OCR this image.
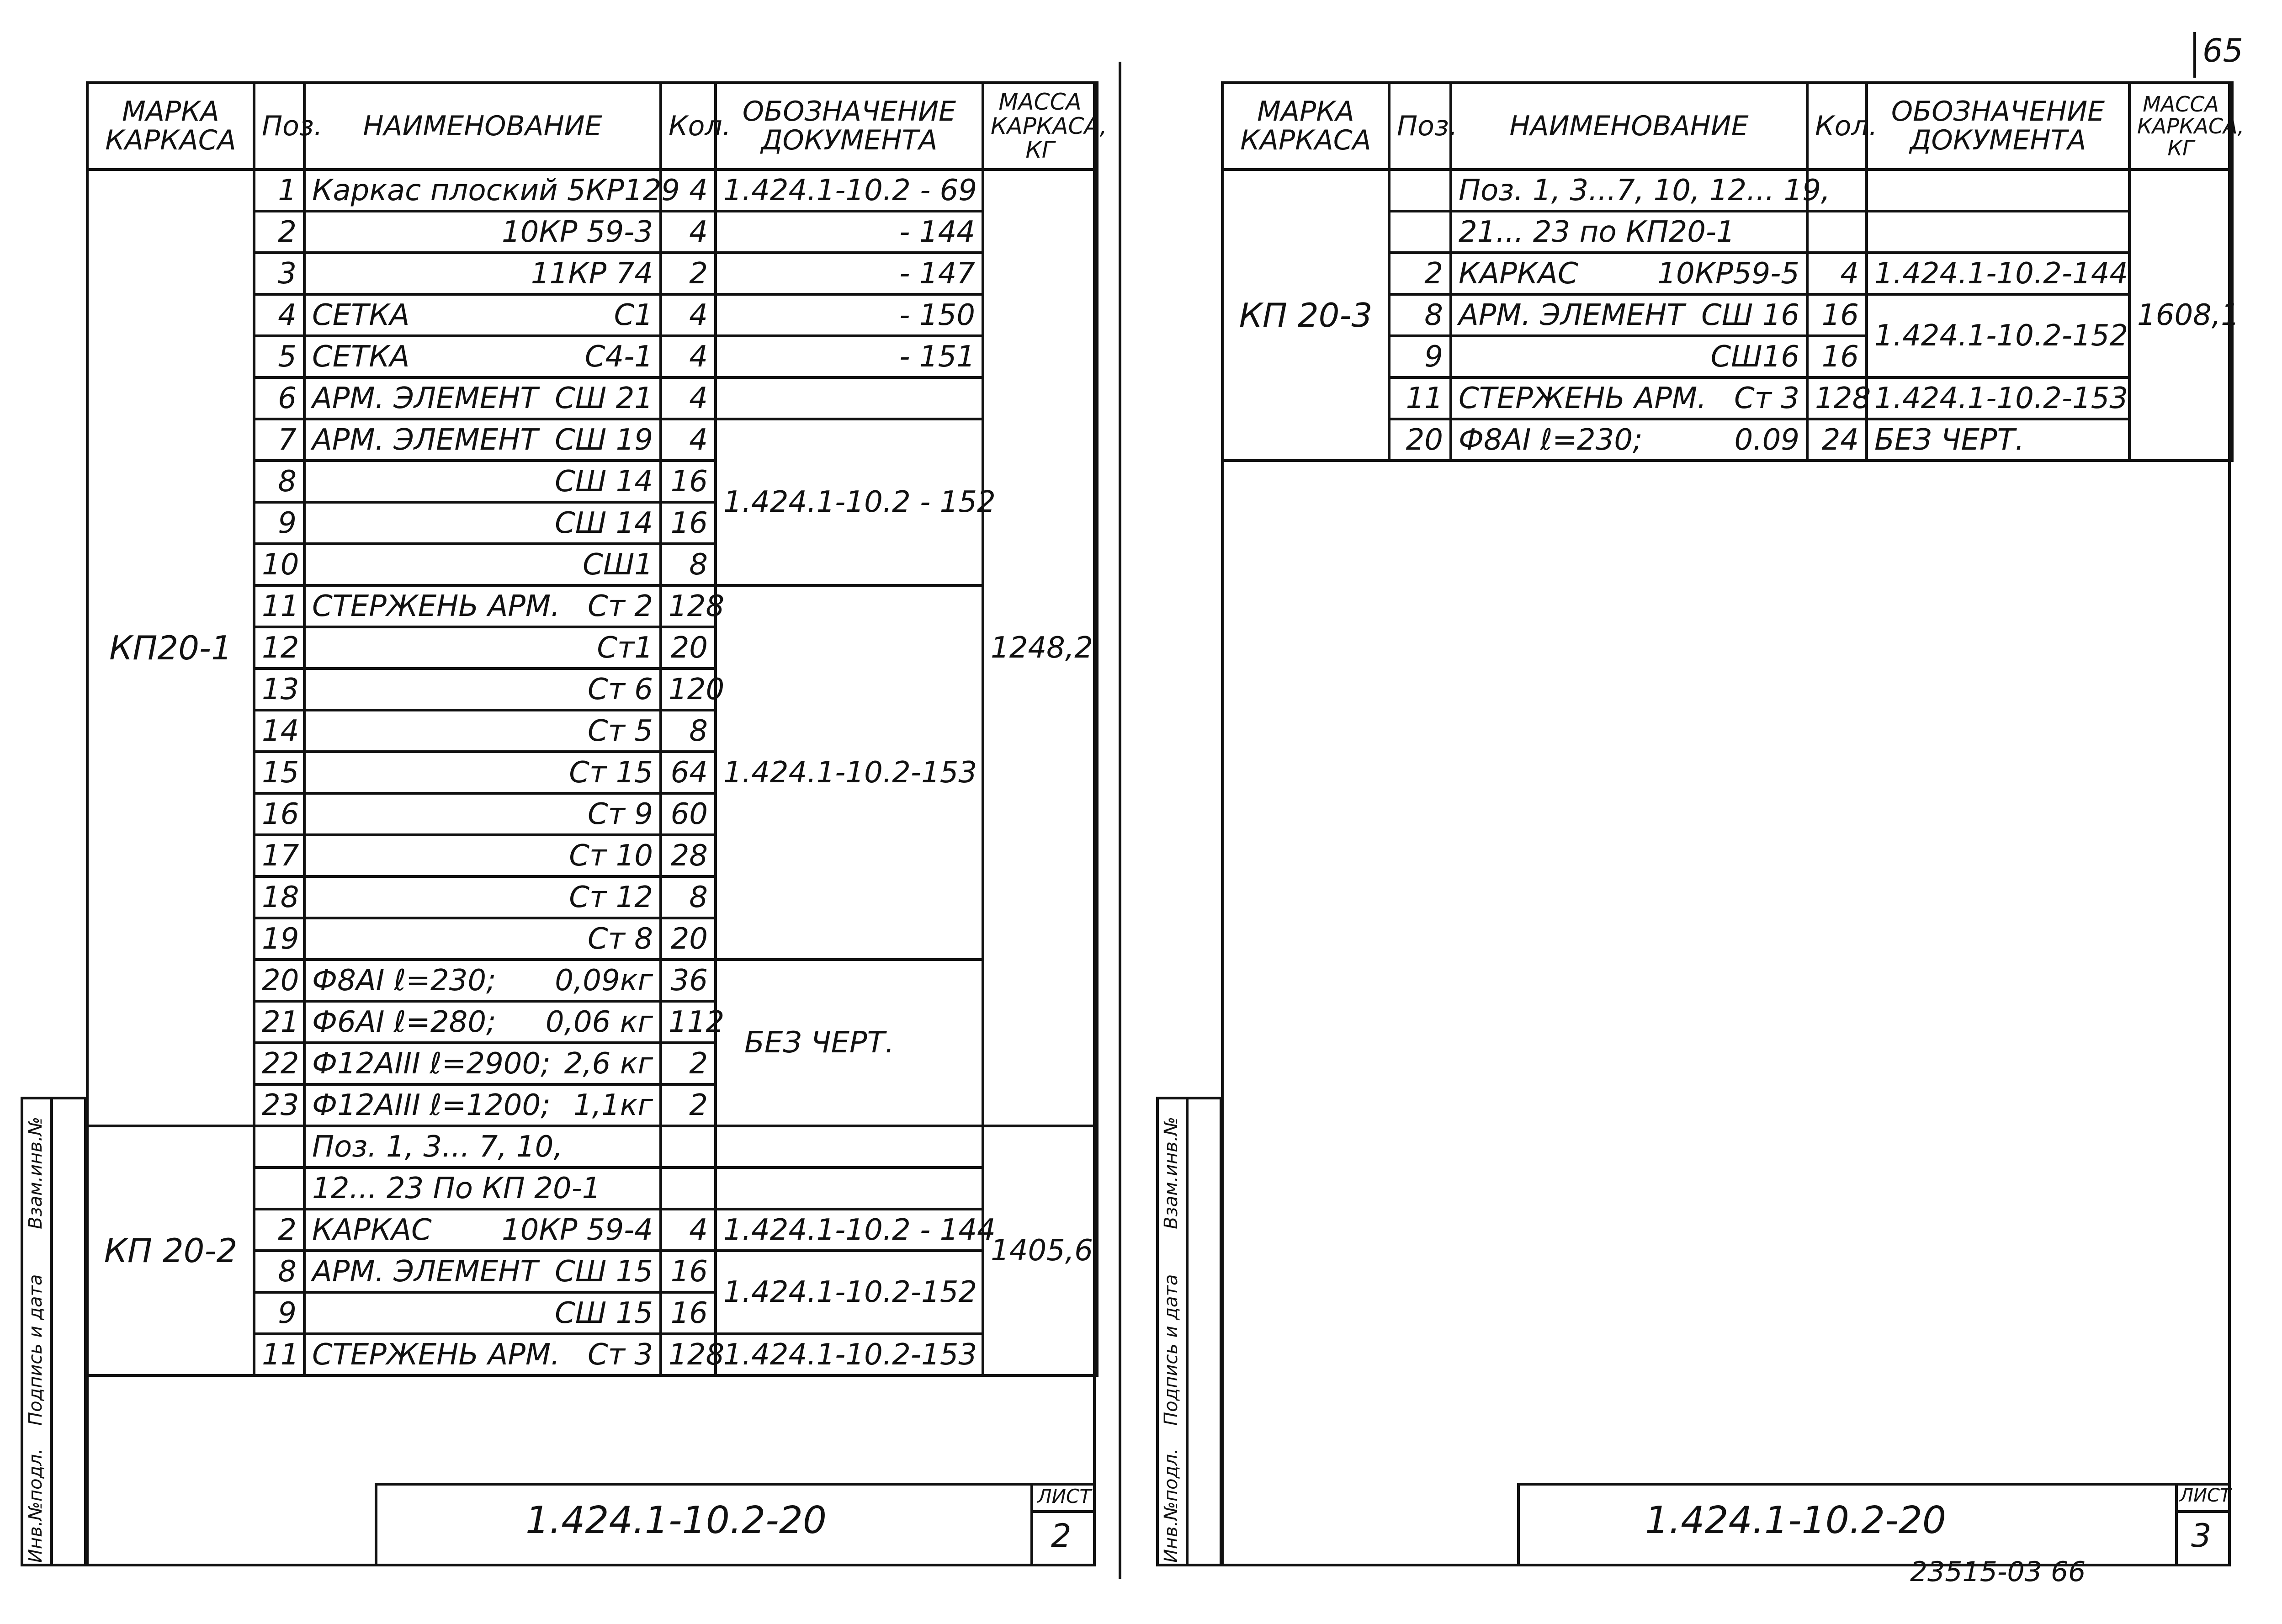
65
23515-03 66
МАРКА КАРКАСА	Поз.	НАИМЕНОВАНИЕ	Кол.	ОБОЗНАЧЕНИЕ ДОКУМЕНТА	МАССА КАРКАСА, КГ
КП20-1	1	Каркас плоский 5КР129	4	1.424.1-10.2 - 69	1248,2
	2	10КР 59-3	4	- 144	
	3	11КР 74	2	- 147	
	4	СЕТКА С1	4	- 150	
	5	СЕТКА С4-1	4	- 151	
	6	АРМ. ЭЛЕМЕНТ СШ 21	4		
	7	АРМ. ЭЛЕМЕНТ СШ 19	4	1.424.1-10.2 - 152	
	8	СШ 14	16		
	9	СШ 14	16		
	10	СШ1	8		
	11	СТЕРЖЕНЬ АРМ. Ст 2	128	1.424.1-10.2-153	
	12	Ст1	20		
	13	Ст 6	120		
	14	Ст 5	8		
	15	Ст 15	64		
	16	Ст 9	60		
	17	Ст 10	28		
	18	Ст 12	8		
	19	Ст 8	20		
	20	Ф8AI ℓ=230; 0,09кг	36	БЕЗ ЧЕРТ.	
	21	Ф6AI ℓ=280; 0,06 кг	112		
	22	Ф12AIII ℓ=2900; 2,6 кг	2		
	23	Ф12AIII ℓ=1200; 1,1кг	2		
КП 20-2		Поз. 1, 3... 7, 10,			1405,6
		12... 23 По КП 20-1			
	2	КАРКАС 10КР 59-4	4	1.424.1-10.2 - 144	
	8	АРМ. ЭЛЕМЕНТ СШ 15	16	1.424.1-10.2-152	
	9	СШ 15	16		
	11	СТЕРЖЕНЬ АРМ. Ст 3	128	1.424.1-10.2-153	
1.424.1-10.2-20
ЛИСТ
2
Инв.№подл.
Подпись и дата
Взам.инв.№
МАРКА КАРКАСА	Поз.	НАИМЕНОВАНИЕ	Кол.	ОБОЗНАЧЕНИЕ ДОКУМЕНТА	МАССА КАРКАСА, КГ
КП 20-3		Поз. 1, 3...7, 10, 12... 19,			1608,1
		21... 23 по КП20-1			
	2	КАРКАС 10КР59-5	4	1.424.1-10.2-144	
	8	АРМ. ЭЛЕМЕНТ СШ 16	16	1.424.1-10.2-152	
	9	СШ16	16		
	11	СТЕРЖЕНЬ АРМ. Ст 3	128	1.424.1-10.2-153	
	20	Ф8AI ℓ=230; 0.09	24	БЕЗ ЧЕРТ.	
1.424.1-10.2-20
ЛИСТ
3
Инв.№подл.
Подпись и дата
Взам.инв.№
